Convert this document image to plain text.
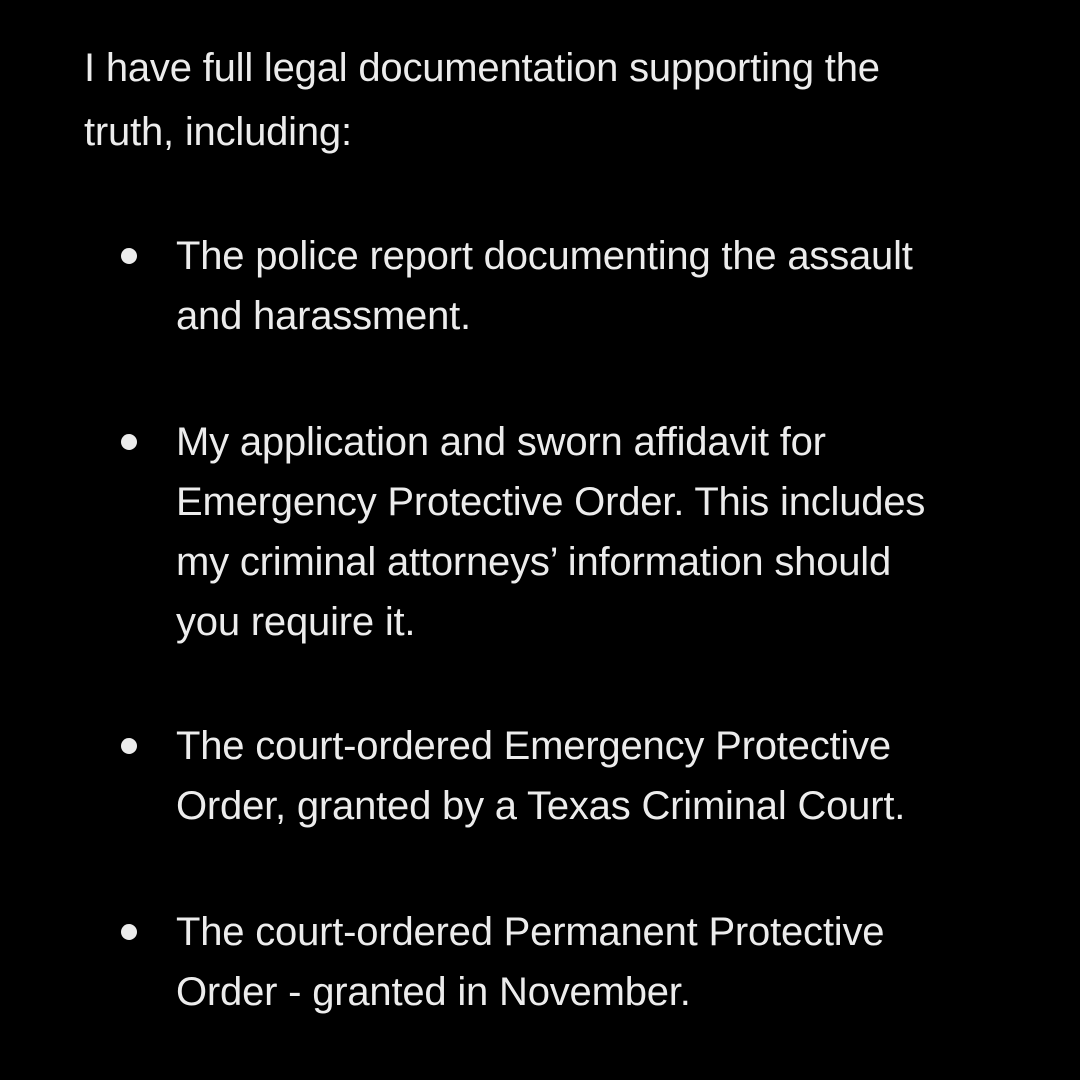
I have full legal documentation supporting the
truth, including:

The police report documenting the assault
and harassment.
My application and sworn affidavit for
Emergency Protective Order. This includes
my criminal attorneys’ information should
you require it.
The court-ordered Emergency Protective
Order, granted by a Texas Criminal Court.
The court-ordered Permanent Protective
Order - granted in November.
